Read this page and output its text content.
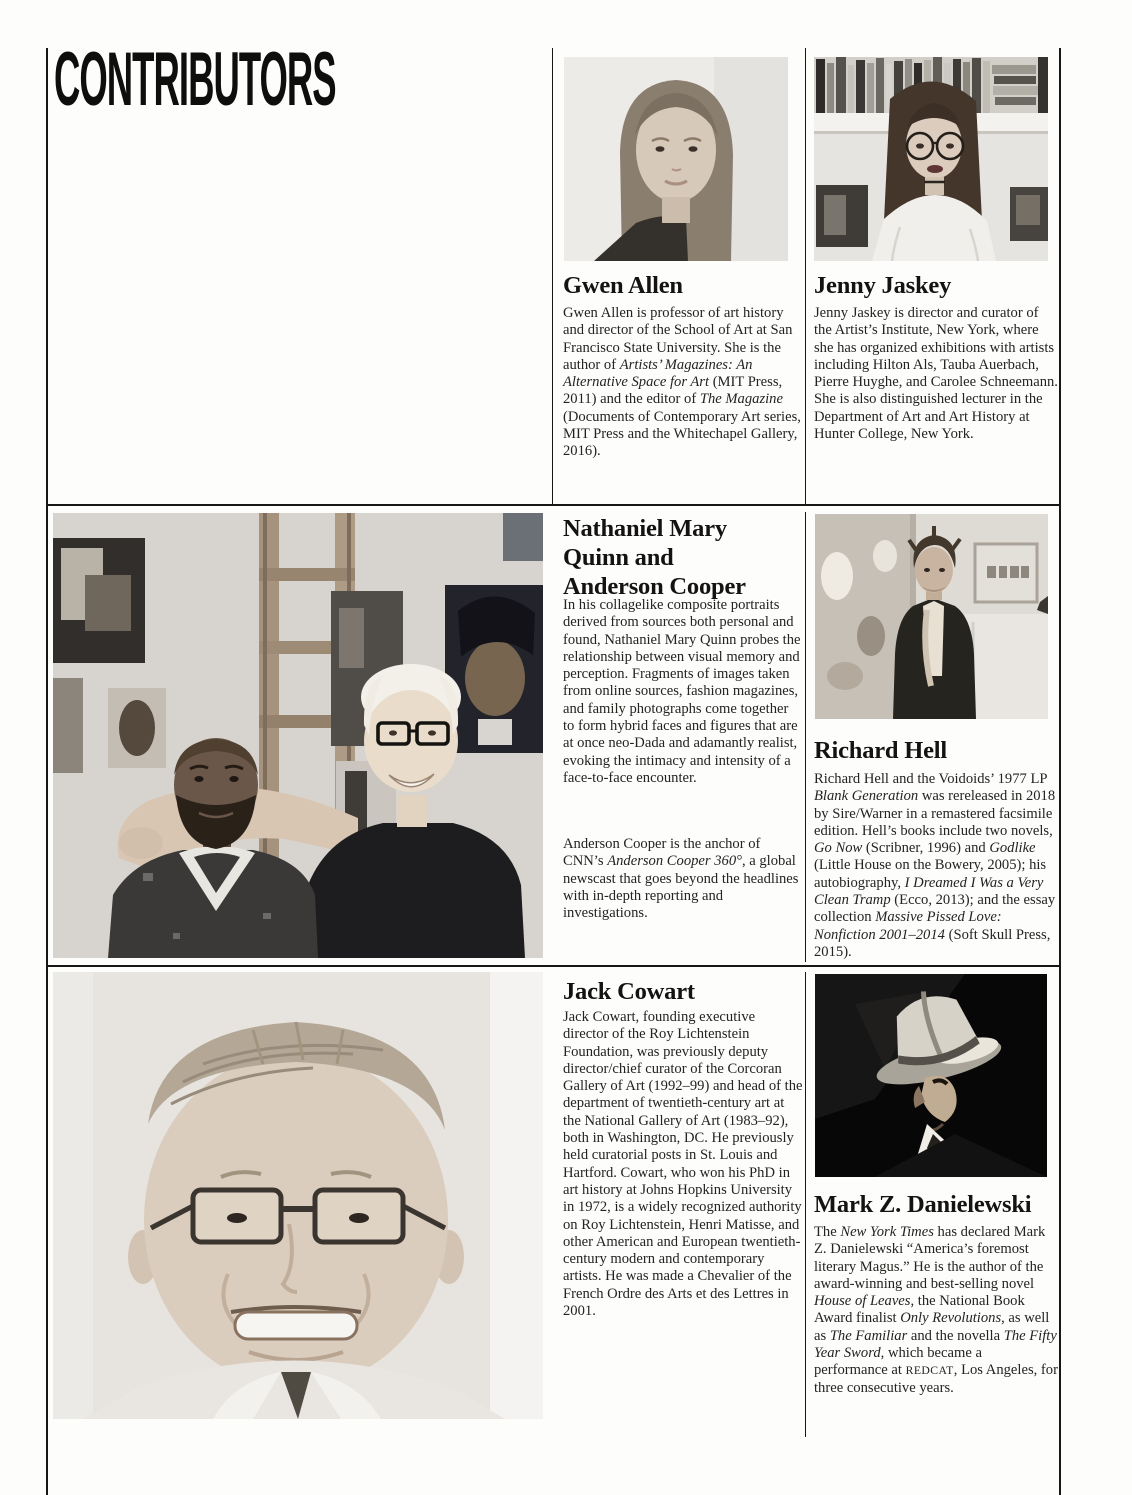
CONTRIBUTORS
Gwen Allen

Gwen Allen is professor of art history and director of the School of Art at San Francisco State University. She is the author of Artists’ Magazines: An Alternative Space for Art (MIT Press, 2011) and the editor of The Magazine (Documents of Contemporary Art series, MIT Press and the Whitechapel Gallery, 2016).

Jenny Jaskey

Jenny Jaskey is director and curator of the Artist’s Institute, New York, where she has organized exhibitions with artists including Hilton Als, Tauba Auerbach, Pierre Huyghe, and Carolee Schneemann. She is also distinguished lecturer in the Department of Art and Art History at Hunter College, New York.

Nathaniel Mary Quinn and Anderson Cooper

In his collagelike composite portraits derived from sources both personal and found, Nathaniel Mary Quinn probes the relationship between visual memory and perception. Fragments of images taken from online sources, fashion magazines, and family photographs come together to form hybrid faces and figures that are at once neo-Dada and adamantly realist, evoking the intimacy and intensity of a face-to-face encounter.

Anderson Cooper is the anchor of CNN’s Anderson Cooper 360°, a global newscast that goes beyond the headlines with in-depth reporting and investigations.

Richard Hell

Richard Hell and the Voidoids’ 1977 LP Blank Generation was rereleased in 2018 by Sire/Warner in a remastered facsimile edition. Hell’s books include two novels, Go Now (Scribner, 1996) and Godlike (Little House on the Bowery, 2005); his autobiography, I Dreamed I Was a Very Clean Tramp (Ecco, 2013); and the essay collection Massive Pissed Love: Nonfiction 2001–2014 (Soft Skull Press, 2015).

Jack Cowart

Jack Cowart, founding executive director of the Roy Lichtenstein Foundation, was previously deputy director/chief curator of the Corcoran Gallery of Art (1992–99) and head of the department of twentieth-century art at the National Gallery of Art (1983–92), both in Washington, DC. He previously held curatorial posts in St. Louis and Hartford. Cowart, who won his PhD in art history at Johns Hopkins University in 1972, is a widely recognized authority on Roy Lichtenstein, Henri Matisse, and other American and European twentieth-century modern and contemporary artists. He was made a Chevalier of the French Ordre des Arts et des Lettres in 2001.

Mark Z. Danielewski

The New York Times has declared Mark Z. Danielewski “America’s foremost literary Magus.” He is the author of the award-winning and best-selling novel House of Leaves, the National Book Award finalist Only Revolutions, as well as The Familiar and the novella The Fifty Year Sword, which became a performance at REDCAT, Los Angeles, for three consecutive years.
